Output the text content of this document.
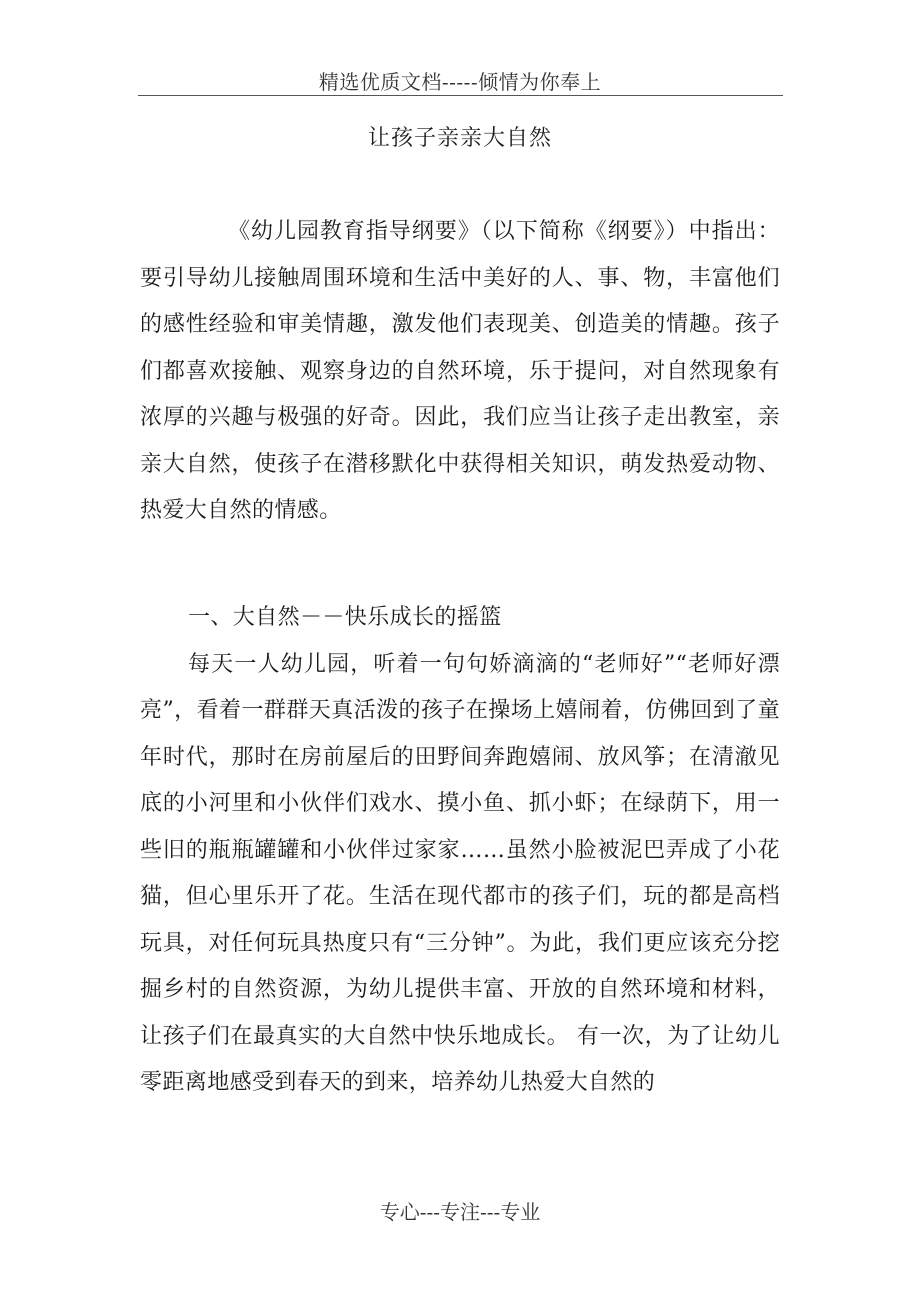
精选优质文档-----倾情为你奉上
让孩子亲亲大自然

《幼儿园教育指导纲要》（以下简称《纲要》）中指出：要引导幼儿接触周围环境和生活中美好的人、事、物，丰富他们的感性经验和审美情趣，激发他们表现美、创造美的情趣。孩子们都喜欢接触、观察身边的自然环境，乐于提问，对自然现象有浓厚的兴趣与极强的好奇。因此，我们应当让孩子走出教室，亲亲大自然，使孩子在潜移默化中获得相关知识，萌发热爱动物、热爱大自然的情感。

一、大自然－－快乐成长的摇篮

每天一人幼儿园，听着一句句娇滴滴的“老师好”“老师好漂亮”，看着一群群天真活泼的孩子在操场上嬉闹着，仿佛回到了童年时代，那时在房前屋后的田野间奔跑嬉闹、放风筝；在清澈见底的小河里和小伙伴们戏水、摸小鱼、抓小虾；在绿荫下，用一些旧的瓶瓶罐罐和小伙伴过家家……虽然小脸被泥巴弄成了小花猫，但心里乐开了花。生活在现代都市的孩子们，玩的都是高档玩具，对任何玩具热度只有“三分钟”。为此，我们更应该充分挖掘乡村的自然资源，为幼儿提供丰富、开放的自然环境和材料，让孩子们在最真实的大自然中快乐地成长。 有一次，为了让幼儿零距离地感受到春天的到来，培养幼儿热爱大自然的

专心---专注---专业
